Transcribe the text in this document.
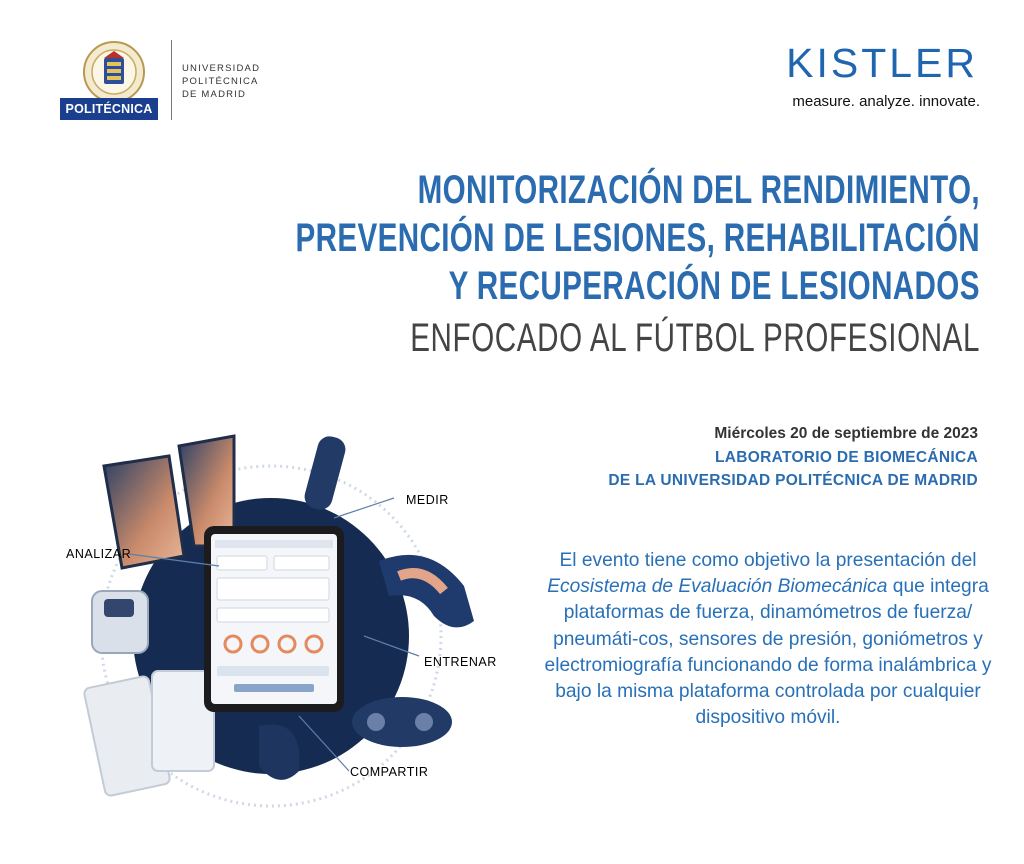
POLITÉCNICA
UNIVERSIDAD
POLITÉCNICA
DE MADRID
KISTLER
measure. analyze. innovate.
MONITORIZACIÓN DEL RENDIMIENTO,
PREVENCIÓN DE LESIONES, REHABILITACIÓN
Y RECUPERACIÓN DE LESIONADOS
ENFOCADO AL FÚTBOL PROFESIONAL
Miércoles 20 de septiembre de 2023
LABORATORIO DE BIOMECÁNICA
DE LA UNIVERSIDAD POLITÉCNICA DE MADRID
El evento tiene como objetivo la presentación del Ecosistema de Evaluación Biomecánica que integra plataformas de fuerza, dinamómetros de fuerza/ pneumáti-cos, sensores de presión, goniómetros y electromiografía funcionando de forma inalámbrica y bajo la misma plataforma controlada por cualquier dispositivo móvil.
MEDIR
ANALIZAR
ENTRENAR
COMPARTIR
